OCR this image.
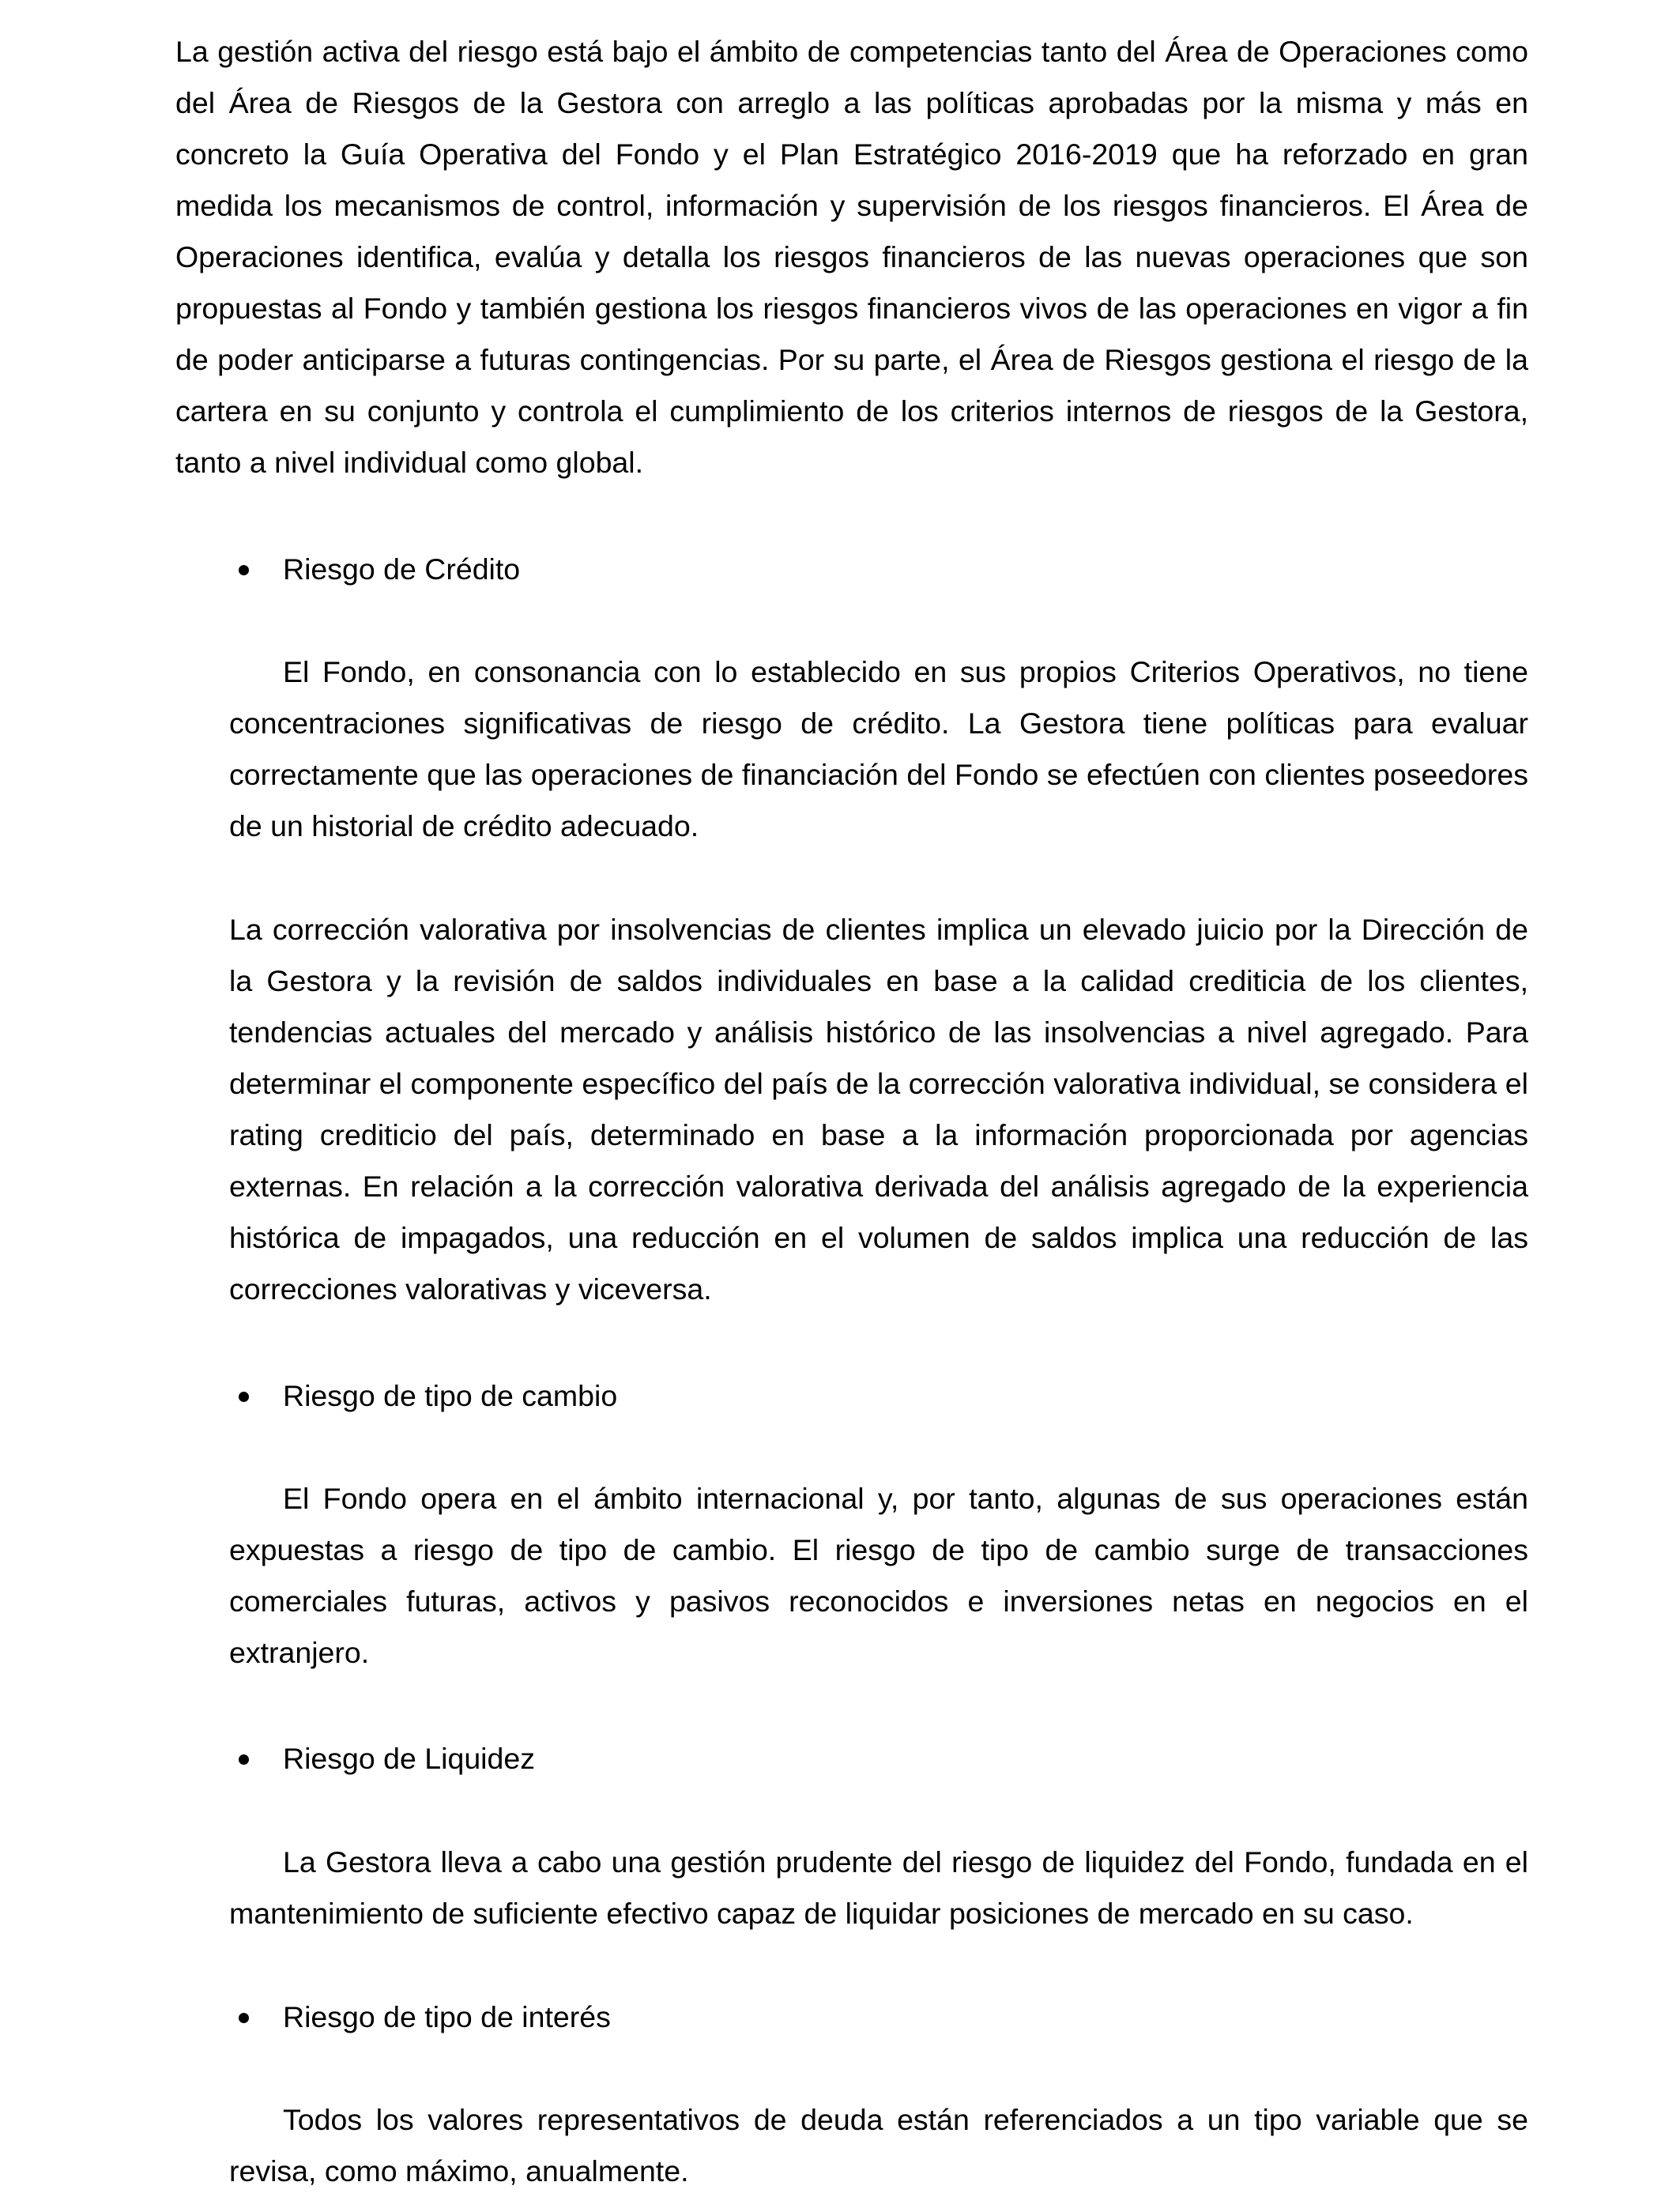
La gestión activa del riesgo está bajo el ámbito de competencias tanto del Área de Operaciones como del Área de Riesgos de la Gestora con arreglo a las políticas aprobadas por la misma y más en concreto la Guía Operativa del Fondo y el Plan Estratégico 2016-2019 que ha reforzado en gran medida los mecanismos de control, información y supervisión de los riesgos financieros. El Área de Operaciones identifica, evalúa y detalla los riesgos financieros de las nuevas operaciones que son propuestas al Fondo y también gestiona los riesgos financieros vivos de las operaciones en vigor a fin de poder anticiparse a futuras contingencias. Por su parte, el Área de Riesgos gestiona el riesgo de la cartera en su conjunto y controla el cumplimiento de los criterios internos de riesgos de la Gestora, tanto a nivel individual como global.

Riesgo de Crédito

El Fondo, en consonancia con lo establecido en sus propios Criterios Operativos, no tiene concentraciones significativas de riesgo de crédito. La Gestora tiene políticas para evaluar correctamente que las operaciones de financiación del Fondo se efectúen con clientes poseedores de un historial de crédito adecuado.

La corrección valorativa por insolvencias de clientes implica un elevado juicio por la Dirección de la Gestora y la revisión de saldos individuales en base a la calidad crediticia de los clientes, tendencias actuales del mercado y análisis histórico de las insolvencias a nivel agregado. Para determinar el componente específico del país de la corrección valorativa individual, se considera el rating crediticio del país, determinado en base a la información proporcionada por agencias externas. En relación a la corrección valorativa derivada del análisis agregado de la experiencia histórica de impagados, una reducción en el volumen de saldos implica una reducción de las correcciones valorativas y viceversa.

Riesgo de tipo de cambio

El Fondo opera en el ámbito internacional y, por tanto, algunas de sus operaciones están expuestas a riesgo de tipo de cambio. El riesgo de tipo de cambio surge de transacciones comerciales futuras, activos y pasivos reconocidos e inversiones netas en negocios en el extranjero.

Riesgo de Liquidez

La Gestora lleva a cabo una gestión prudente del riesgo de liquidez del Fondo, fundada en el mantenimiento de suficiente efectivo capaz de liquidar posiciones de mercado en su caso.

Riesgo de tipo de interés

Todos los valores representativos de deuda están referenciados a un tipo variable que se revisa, como máximo, anualmente.
